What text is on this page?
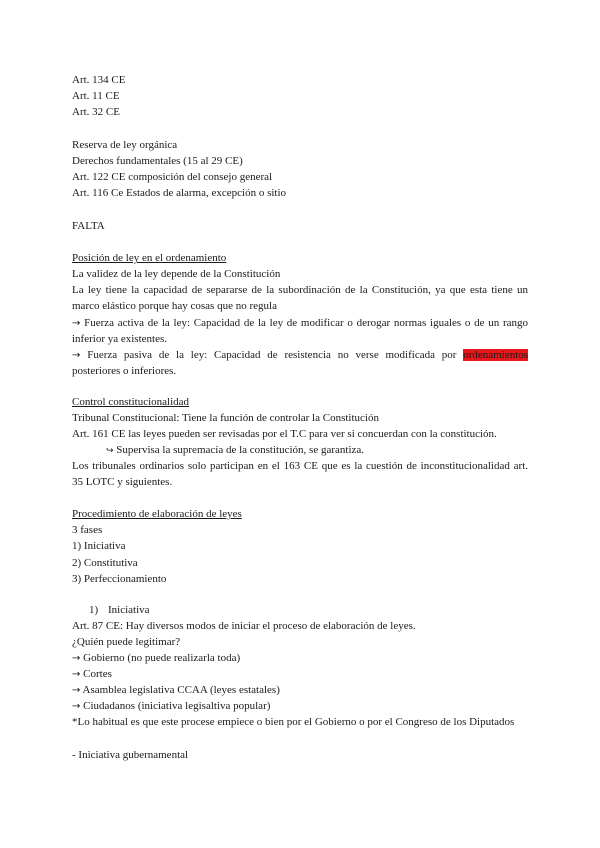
Art. 134 CE
Art. 11 CE
Art. 32 CE
Reserva de ley orgánica
Derechos fundamentales (15 al 29 CE)
Art. 122 CE composición del consejo general
Art. 116 Ce Estados de alarma, excepción o sitio
FALTA
Posición de ley en el ordenamiento
La validez de la ley depende de la Constitución
La ley tiene la capacidad de separarse de la subordinación de la Constitución, ya que esta tiene un
marco elástico porque hay cosas que no regula
→ Fuerza activa de la ley: Capacidad de la ley de modificar o derogar normas iguales o de un rango
inferior ya existentes.
→ Fuerza pasiva de la ley: Capacidad de resistencia no verse modificada por ordenamientos
posteriores o inferiores.
Control constitucionalidad
Tribunal Constitucional: Tiene la función de controlar la Constitución
Art. 161 CE las leyes pueden ser revisadas por el T.C para ver si concuerdan con la constitución.
↪ Supervisa la supremacía de la constitución, se garantiza.
Los tribunales ordinarios solo participan en el 163 CE que es la cuestión de inconstitucionalidad art.
35 LOTC y siguientes.
Procedimiento de elaboración de leyes
3 fases
1) Iniciativa
2) Constitutiva
3) Perfeccionamiento
1) Iniciativa
Art. 87 CE: Hay diversos modos de iniciar el proceso de elaboración de leyes.
¿Quién puede legitimar?
→ Gobierno (no puede realizarla toda)
→ Cortes
→ Asamblea legislativa CCAA (leyes estatales)
→ Ciudadanos (iniciativa legisaltiva popular)
*Lo habitual es que este procese empiece o bien por el Gobierno o por el Congreso de los Diputados
- Iniciativa gubernamental
